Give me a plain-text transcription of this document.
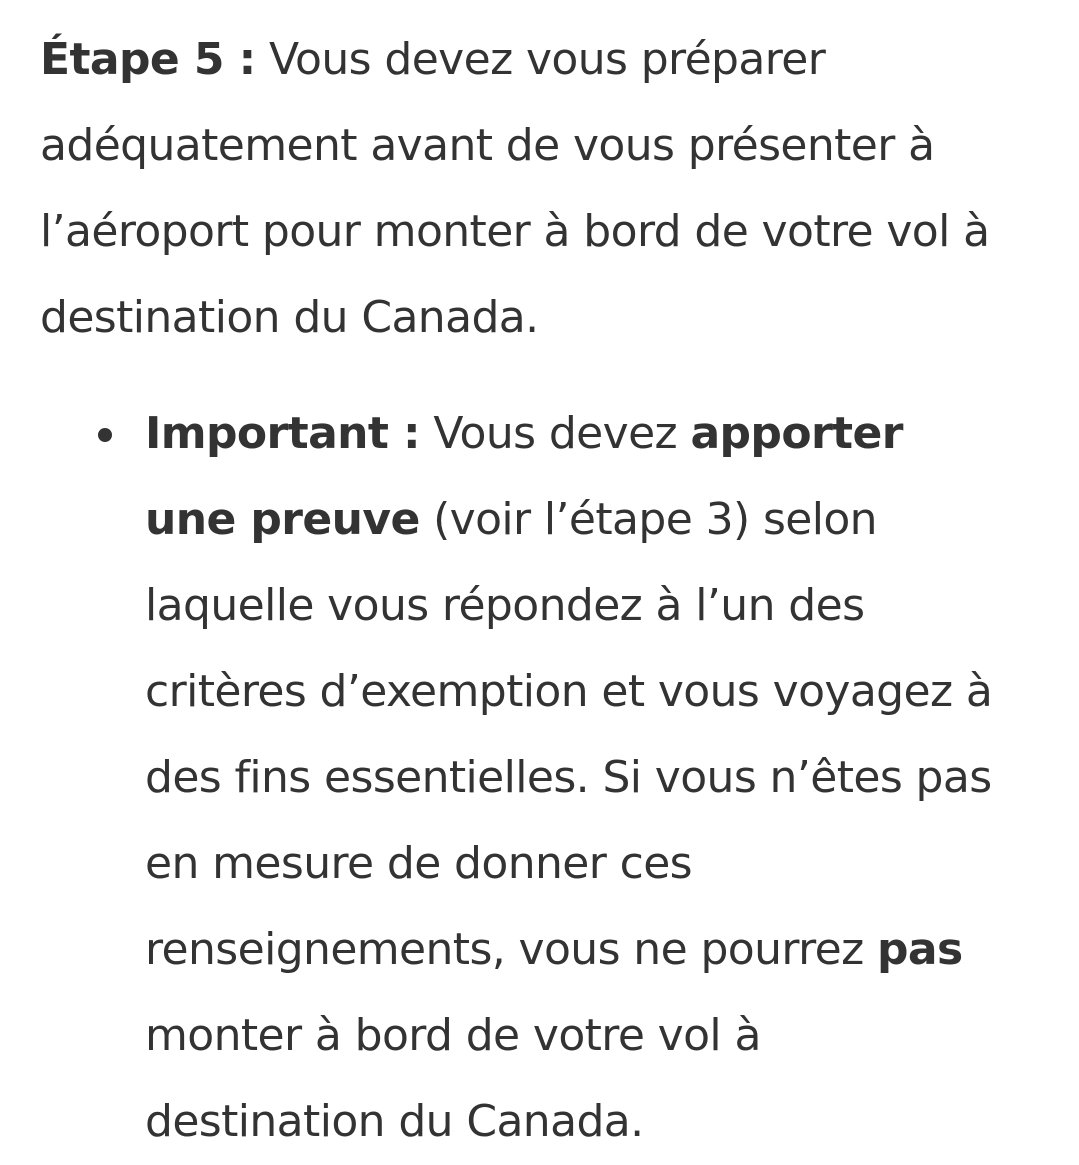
Étape 5 : Vous devez vous préparer adéquatement avant de vous présenter à l’aéroport pour monter à bord de votre vol à destination du Canada.

Important : Vous devez apporter une preuve (voir l’étape 3) selon laquelle vous répondez à l’un des critères d’exemption et vous voyagez à des fins essentielles. Si vous n’êtes pas en mesure de donner ces renseignements, vous ne pourrez pas monter à bord de votre vol à destination du Canada.
